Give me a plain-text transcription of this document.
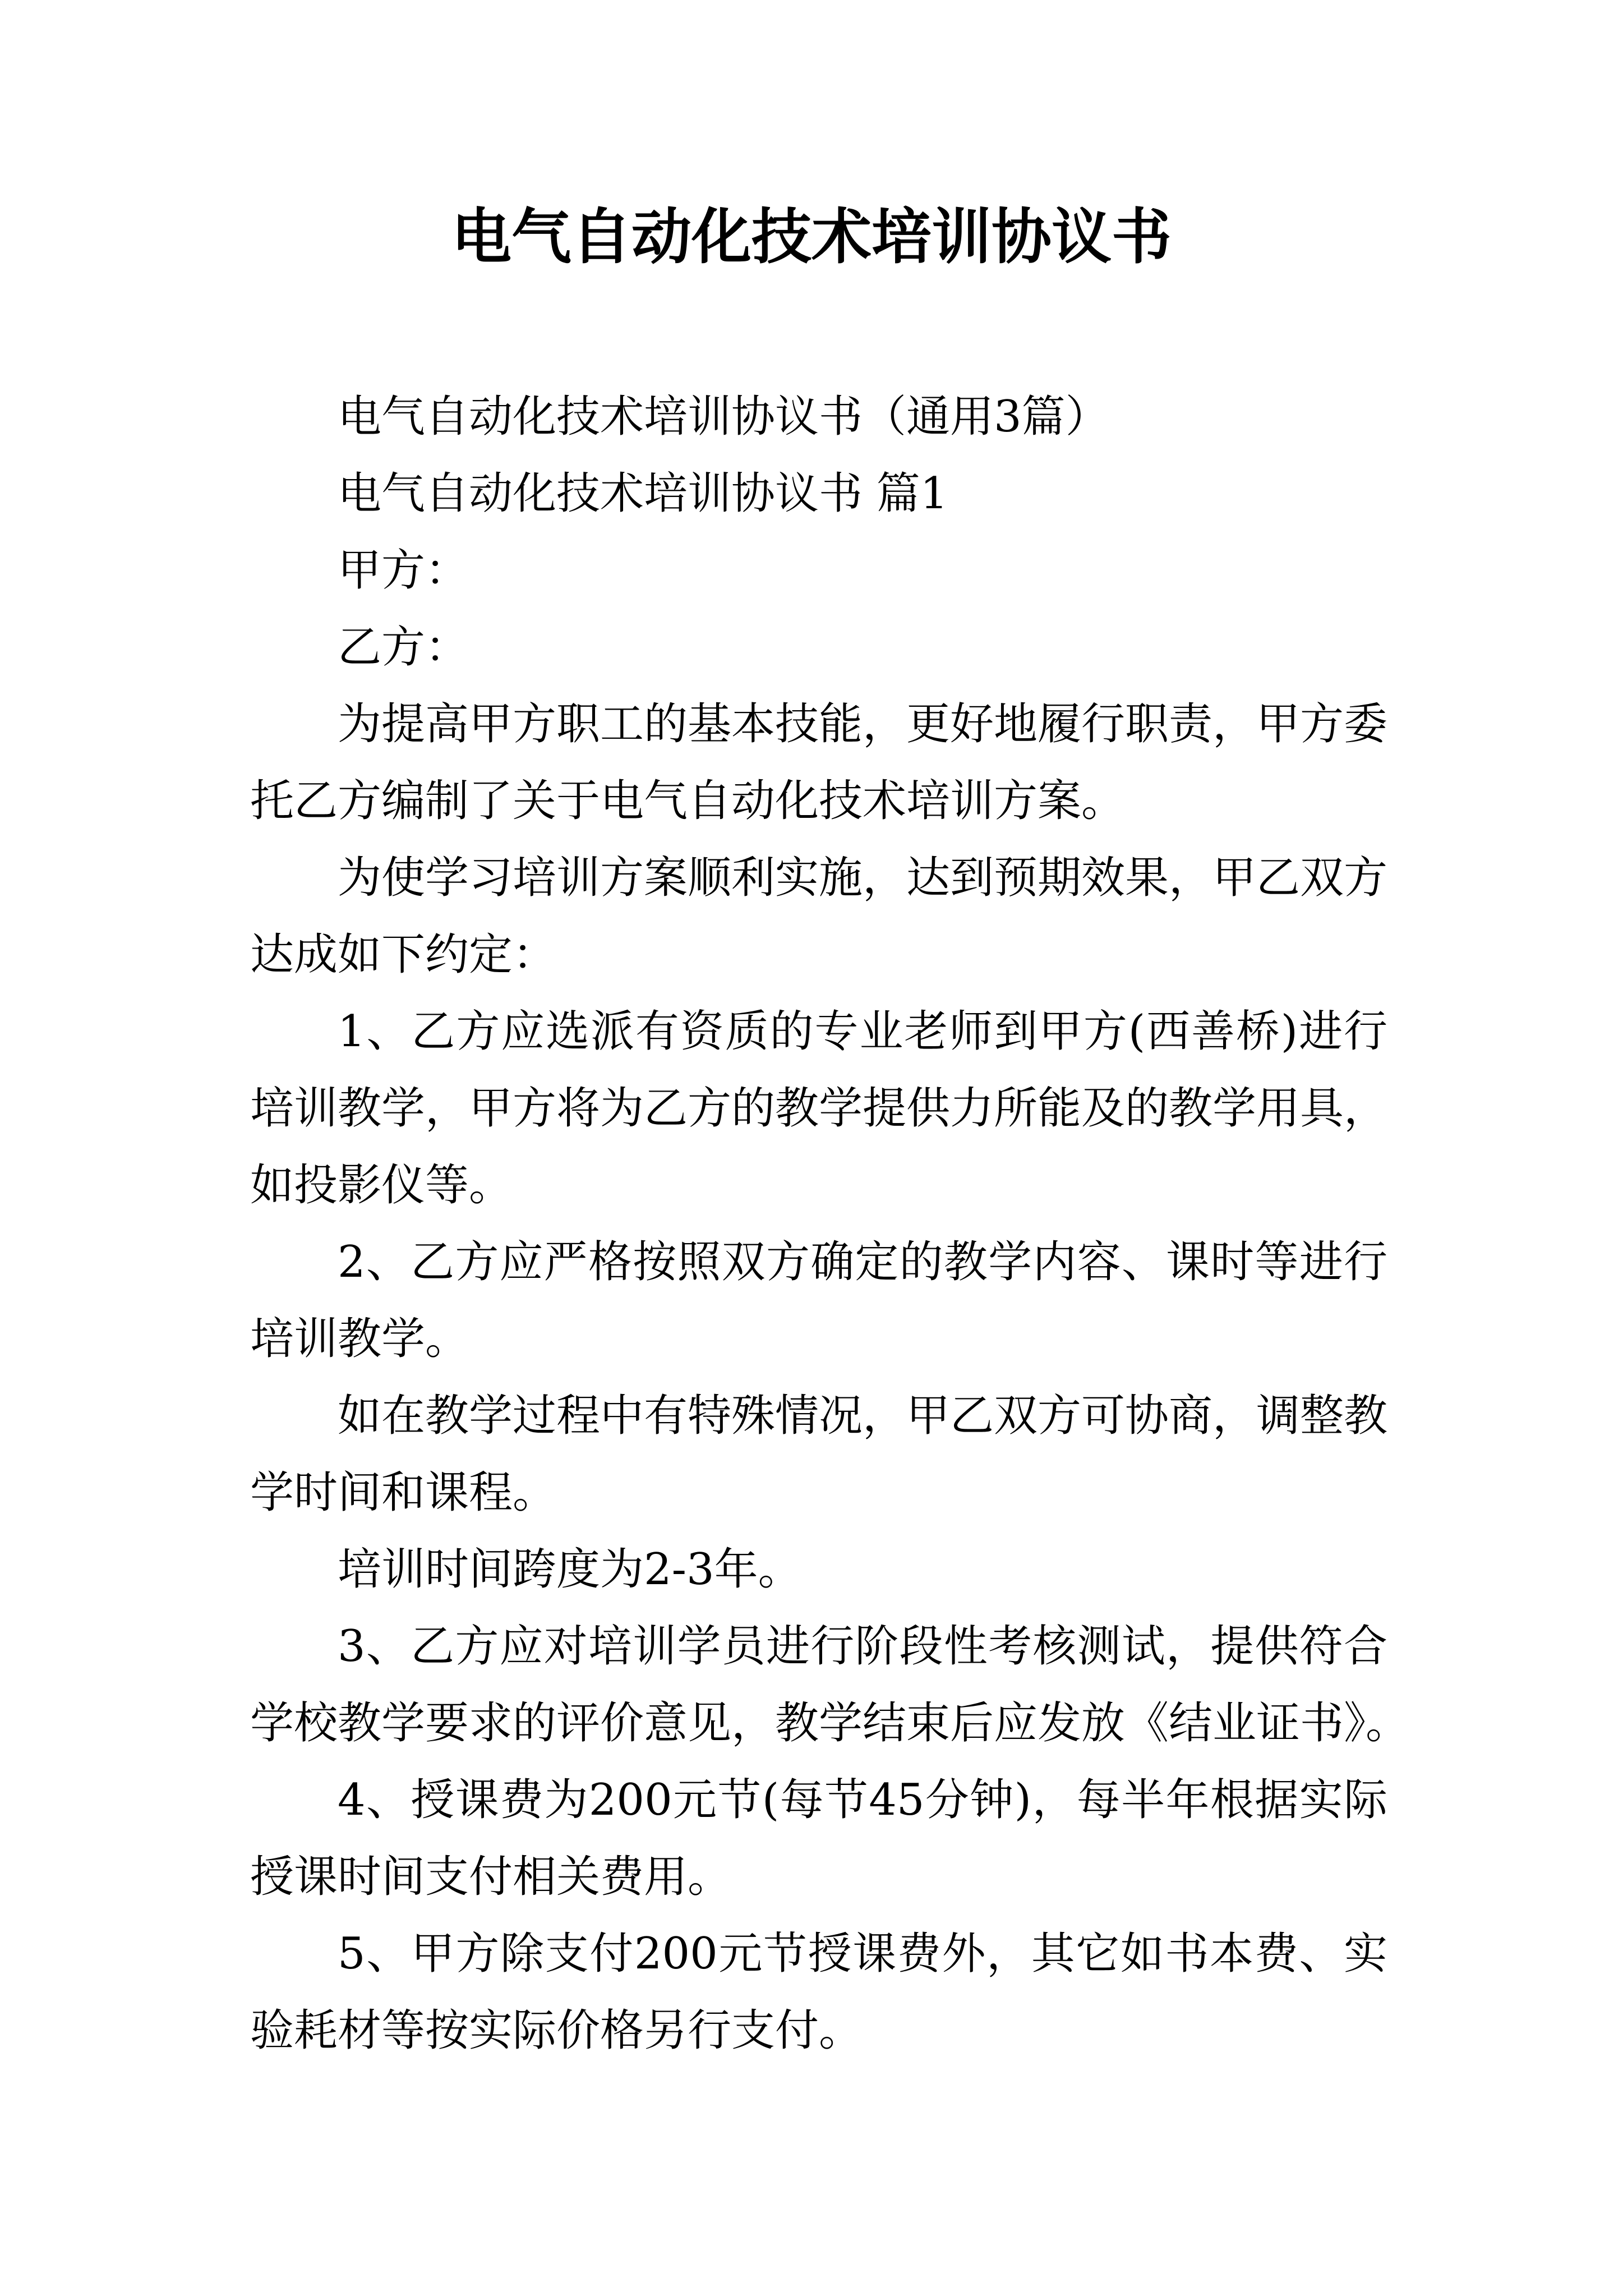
电气自动化技术培训协议书
电气自动化技术培训协议书（通用3篇）
电气自动化技术培训协议书 篇1
甲方：
乙方：
为提高甲方职工的基本技能，更好地履行职责，甲方委
托乙方编制了关于电气自动化技术培训方案。
为使学习培训方案顺利实施，达到预期效果，甲乙双方
达成如下约定：
1、乙方应选派有资质的专业老师到甲方(西善桥)进行
培训教学，甲方将为乙方的教学提供力所能及的教学用具，
如投影仪等。
2、乙方应严格按照双方确定的教学内容、课时等进行
培训教学。
如在教学过程中有特殊情况，甲乙双方可协商，调整教
学时间和课程。
培训时间跨度为2-3年。
3、乙方应对培训学员进行阶段性考核测试，提供符合
学校教学要求的评价意见，教学结束后应发放《结业证书》。
4、授课费为200元节(每节45分钟)，每半年根据实际
授课时间支付相关费用。
5、甲方除支付200元节授课费外，其它如书本费、实
验耗材等按实际价格另行支付。
